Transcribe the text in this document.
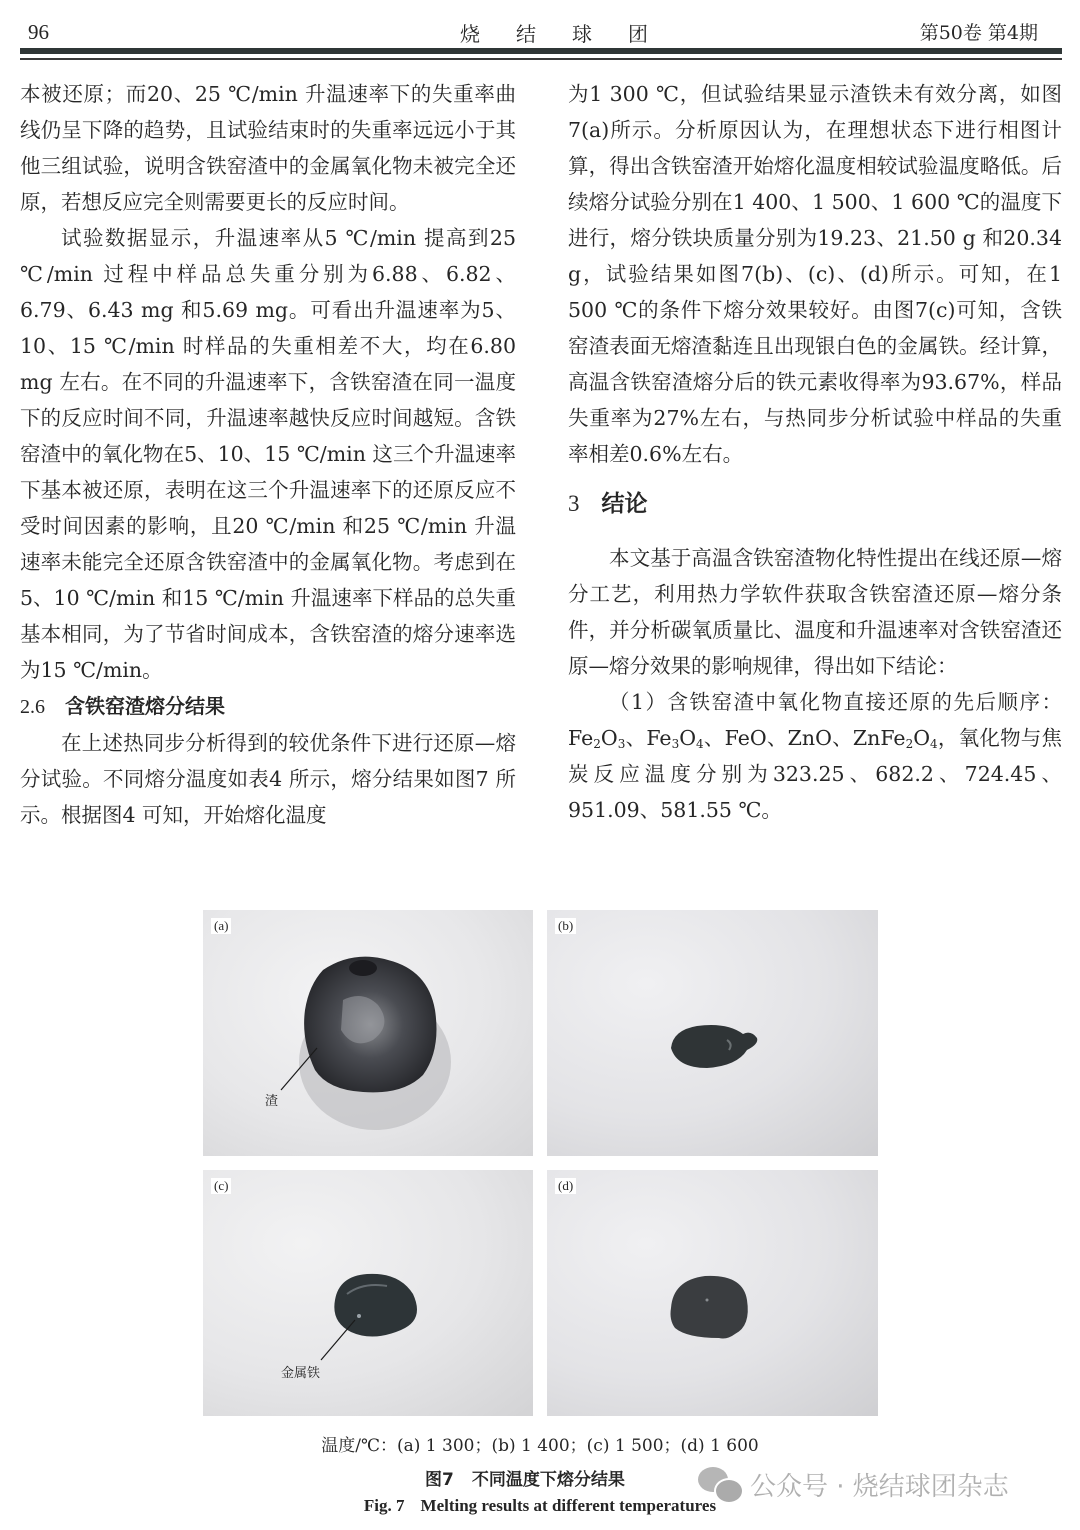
96	烧结球团	第50卷 第4期

本被还原；而20、25 ℃/min 升温速率下的失重率曲线仍呈下降的趋势，且试验结束时的失重率远远小于其他三组试验，说明含铁窑渣中的金属氧化物未被完全还原，若想反应完全则需要更长的反应时间。

试验数据显示，升温速率从5 ℃/min 提高到25 ℃/min 过程中样品总失重分别为6.88、6.82、6.79、6.43 mg 和5.69 mg。可看出升温速率为5、10、15 ℃/min 时样品的失重相差不大，均在6.80 mg 左右。在不同的升温速率下，含铁窑渣在同一温度下的反应时间不同，升温速率越快反应时间越短。含铁窑渣中的氧化物在5、10、15 ℃/min 这三个升温速率下基本被还原，表明在这三个升温速率下的还原反应不受时间因素的影响，且20 ℃/min 和25 ℃/min 升温速率未能完全还原含铁窑渣中的金属氧化物。考虑到在5、10 ℃/min 和15 ℃/min 升温速率下样品的总失重基本相同，为了节省时间成本，含铁窑渣的熔分速率选为15 ℃/min。

2.6 含铁窑渣熔分结果

在上述热同步分析得到的较优条件下进行还原—熔分试验。不同熔分温度如表4 所示，熔分结果如图7 所示。根据图4 可知，开始熔化温度

为1 300 ℃，但试验结果显示渣铁未有效分离，如图7(a)所示。分析原因认为，在理想状态下进行相图计算，得出含铁窑渣开始熔化温度相较试验温度略低。后续熔分试验分别在1 400、1 500、1 600 ℃的温度下进行，熔分铁块质量分别为19.23、21.50 g 和20.34 g，试验结果如图7(b)、(c)、(d)所示。可知，在1 500 ℃的条件下熔分效果较好。由图7(c)可知，含铁窑渣表面无熔渣黏连且出现银白色的金属铁。经计算，高温含铁窑渣熔分后的铁元素收得率为93.67%，样品失重率为27%左右，与热同步分析试验中样品的失重率相差0.6%左右。

3 结论

本文基于高温含铁窑渣物化特性提出在线还原—熔分工艺，利用热力学软件获取含铁窑渣还原—熔分条件，并分析碳氧质量比、温度和升温速率对含铁窑渣还原—熔分效果的影响规律，得出如下结论：

（1）含铁窑渣中氧化物直接还原的先后顺序：$Fe_2O_3$、$Fe_3O_4$、FeO、ZnO、$ZnFe_2O_4$，氧化物与焦炭反应温度分别为323.25、682.2、724.45、951.09、581.55 ℃。

(a)
渣
(b)
(c)
金属铁
(d)
温度/℃：(a) 1 300；(b) 1 400；(c) 1 500；(d) 1 600
图7 不同温度下熔分结果
Fig. 7 Melting results at different temperatures
公众号 · 烧结球团杂志
